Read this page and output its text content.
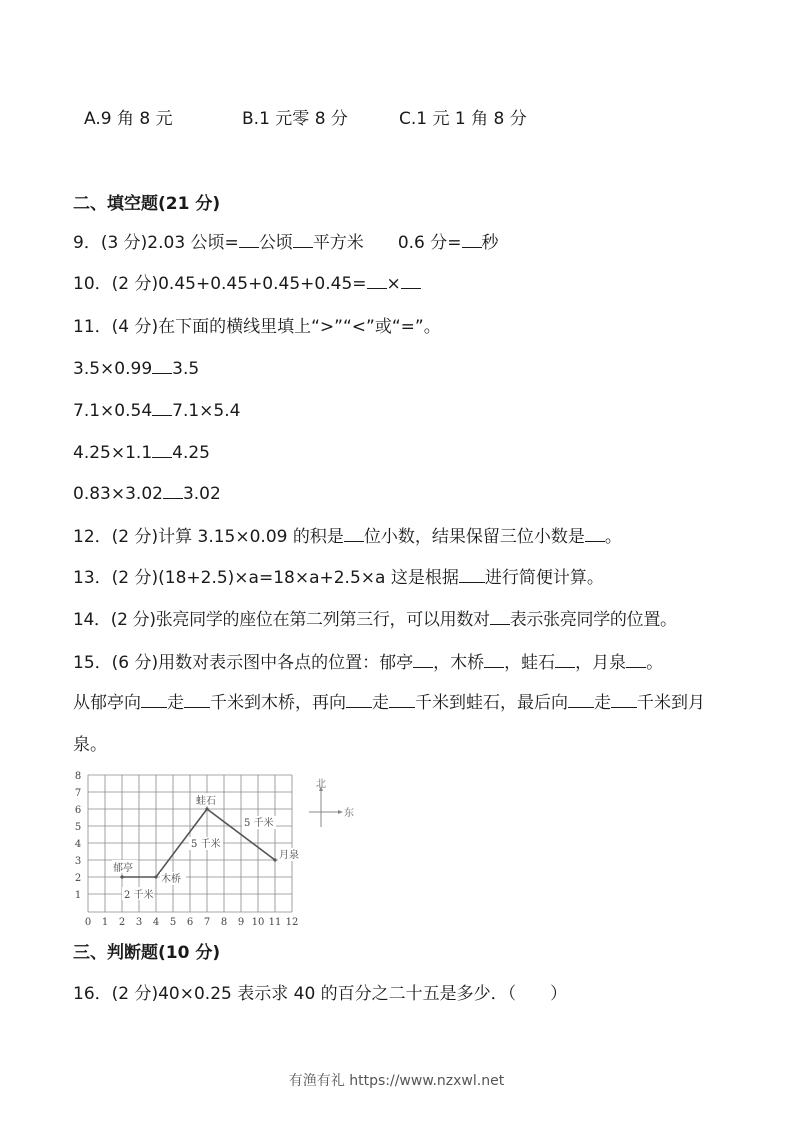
A.9 角 8 元	B.1 元零 8 分	C.1 元 1 角 8 分
二、填空题(21 分)
9．(3 分)2.03 公顷= 公顷 平方米 0.6 分= 秒
10．(2 分)0.45+0.45+0.45+0.45= ×
11．(4 分)在下面的横线里填上“>”“<”或“=”。
3.5×0.99 3.5
7.1×0.54 7.1×5.4
4.25×1.1 4.25
0.83×3.02 3.02
12．(2 分)计算 3.15×0.09 的积是 位小数，结果保留三位小数是 。
13．(2 分)(18+2.5)×a=18×a+2.5×a 这是根据 进行简便计算。
14．(2 分)张亮同学的座位在第二列第三行，可以用数对 表示张亮同学的位置。
15．(6 分)用数对表示图中各点的位置：郁亭 ，木桥 ，蛙石 ，月泉 。
从郁亭向 走 千米到木桥，再向 走 千米到蛙石，最后向 走 千米到月
泉。
0 1 2 3 4 5 6 7 8 9 10 11 12
1
2
3
4
5
6
7
8
郁亭
木桥
蛙石
月泉
2 千米
5 千米
5 千米
北
东
三、判断题(10 分)
16．(2 分)40×0.25 表示求 40 的百分之二十五是多少．（　　）
有渔有礼 https://www.nzxwl.net
